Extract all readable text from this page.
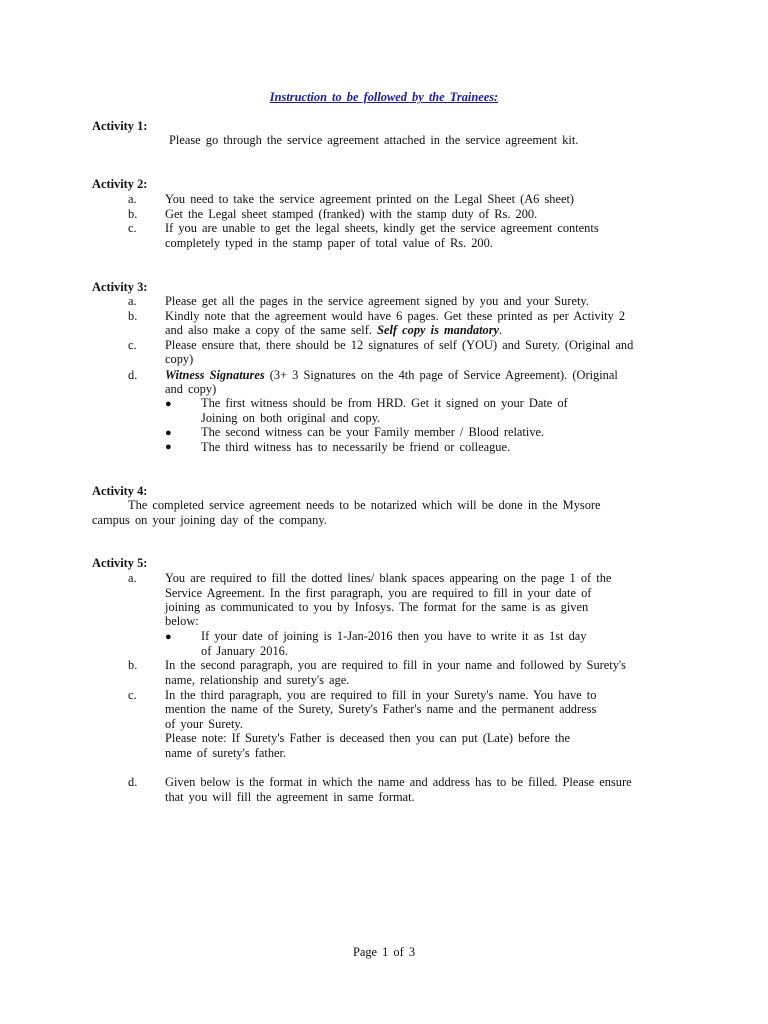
Instruction to be followed by the Trainees:
Activity 1:
Please go through the service agreement attached in the service agreement kit.
Activity 2:
a. You need to take the service agreement printed on the Legal Sheet (A6 sheet)
b. Get the Legal sheet stamped (franked) with the stamp duty of Rs. 200.
c. If you are unable to get the legal sheets, kindly get the service agreement contents
completely typed in the stamp paper of total value of Rs. 200.
Activity 3:
a. Please get all the pages in the service agreement signed by you and your Surety.
b. Kindly note that the agreement would have 6 pages. Get these printed as per Activity 2
and also make a copy of the same self. Self copy is mandatory.
c. Please ensure that, there should be 12 signatures of self (YOU) and Surety. (Original and
copy)
d. Witness Signatures (3+ 3 Signatures on the 4th page of Service Agreement). (Original
and copy)
● The first witness should be from HRD. Get it signed on your Date of
Joining on both original and copy.
● The second witness can be your Family member / Blood relative.
● The third witness has to necessarily be friend or colleague.
Activity 4:
The completed service agreement needs to be notarized which will be done in the Mysore
campus on your joining day of the company.
Activity 5:
a. You are required to fill the dotted lines/ blank spaces appearing on the page 1 of the
Service Agreement. In the first paragraph, you are required to fill in your date of
joining as communicated to you by Infosys. The format for the same is as given
below:
● If your date of joining is 1-Jan-2016 then you have to write it as 1st day
of January 2016.
b. In the second paragraph, you are required to fill in your name and followed by Surety's
name, relationship and surety's age.
c. In the third paragraph, you are required to fill in your Surety's name. You have to
mention the name of the Surety, Surety's Father's name and the permanent address
of your Surety.
Please note: If Surety's Father is deceased then you can put (Late) before the
name of surety's father.
d. Given below is the format in which the name and address has to be filled. Please ensure
that you will fill the agreement in same format.
Page 1 of 3
